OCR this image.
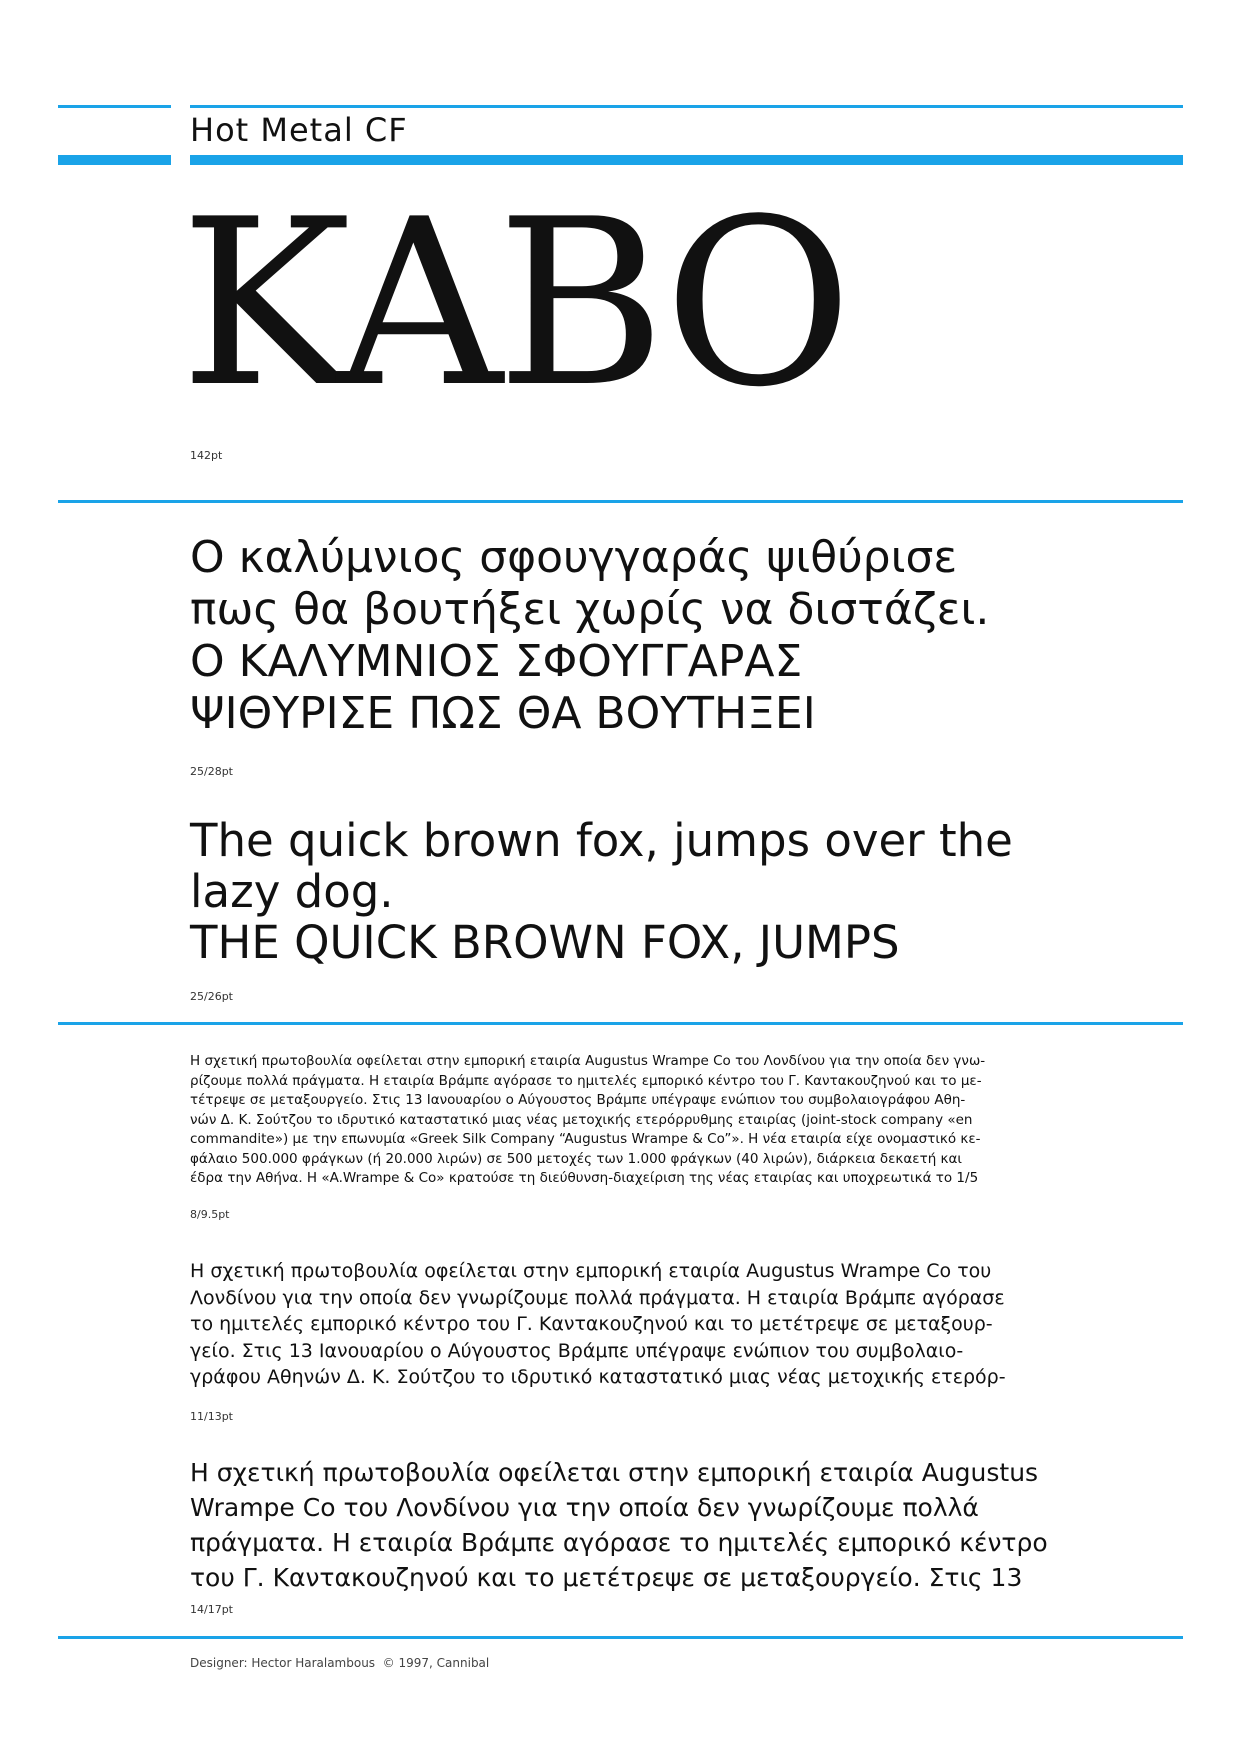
Hot Metal CF
KABO
142pt
Ο καλύμνιος σφουγγαράς ψιθύρισε
πως θα βουτήξει χωρίς να διστάζει.
Ο ΚΑΛΥΜΝΙΟΣ ΣΦΟΥΓΓΑΡΑΣ
ΨΙΘΥΡΙΣΕ ΠΩΣ ΘΑ ΒΟΥΤΗΞΕΙ
25/28pt
The quick brown fox, jumps over the
lazy dog.
THE QUICK BROWN FOX, JUMPS
25/26pt
Η σχετική πρωτοβουλία οφείλεται στην εμπορική εταιρία Augustus Wrampe Co του Λονδίνου για την οποία δεν γνω-
ρίζουμε πολλά πράγματα. Η εταιρία Βράμπε αγόρασε το ημιτελές εμπορικό κέντρο του Γ. Καντακουζηνού και το με-
τέτρεψε σε μεταξουργείο. Στις 13 Ιανουαρίου ο Αύγουστος Βράμπε υπέγραψε ενώπιον του συμβολαιογράφου Αθη-
νών Δ. Κ. Σούτζου το ιδρυτικό καταστατικό μιας νέας μετοχικής ετερόρρυθμης εταιρίας (joint-stock company «en
commandite») με την επωνυμία «Greek Silk Company “Augustus Wrampe & Co”». Η νέα εταιρία είχε ονομαστικό κε-
φάλαιο 500.000 φράγκων (ή 20.000 λιρών) σε 500 μετοχές των 1.000 φράγκων (40 λιρών), διάρκεια δεκαετή και
έδρα την Αθήνα. Η «A.Wrampe & Co» κρατούσε τη διεύθυνση-διαχείριση της νέας εταιρίας και υποχρεωτικά το 1/5
8/9.5pt
Η σχετική πρωτοβουλία οφείλεται στην εμπορική εταιρία Augustus Wrampe Co του
Λονδίνου για την οποία δεν γνωρίζουμε πολλά πράγματα. Η εταιρία Βράμπε αγόρασε
το ημιτελές εμπορικό κέντρο του Γ. Καντακουζηνού και το μετέτρεψε σε μεταξουρ-
γείο. Στις 13 Ιανουαρίου ο Αύγουστος Βράμπε υπέγραψε ενώπιον του συμβολαιο-
γράφου Αθηνών Δ. Κ. Σούτζου το ιδρυτικό καταστατικό μιας νέας μετοχικής ετερόρ-
11/13pt
Η σχετική πρωτοβουλία οφείλεται στην εμπορική εταιρία Augustus
Wrampe Co του Λονδίνου για την οποία δεν γνωρίζουμε πολλά
πράγματα. Η εταιρία Βράμπε αγόρασε το ημιτελές εμπορικό κέντρο
του Γ. Καντακουζηνού και το μετέτρεψε σε μεταξουργείο. Στις 13
14/17pt
Designer: Hector Haralambous  © 1997, Cannibal
